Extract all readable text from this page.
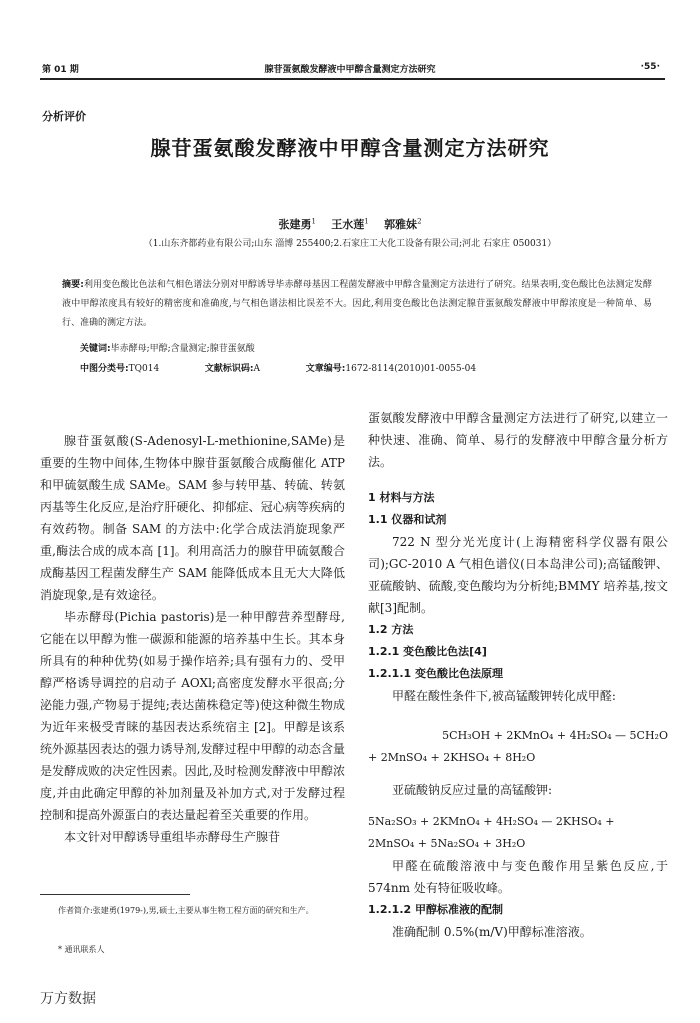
第 01 期	腺苷蛋氨酸发酵液中甲醇含量测定方法研究	·55·
分析评价
腺苷蛋氨酸发酵液中甲醇含量测定方法研究
张建勇$^1$ 王水莲$^1$ 郭雅妹$^2$
（1.山东齐都药业有限公司;山东 淄博 255400;2.石家庄工大化工设备有限公司;河北 石家庄 050031）
摘要:利用变色酸比色法和气相色谱法分别对甲醇诱导毕赤酵母基因工程菌发酵液中甲醇含量测定方法进行了研究。结果表明,变色酸比色法测定发酵液中甲醇浓度具有较好的精密度和准确度,与气相色谱法相比误差不大。因此,利用变色酸比色法测定腺苷蛋氨酸发酵液中甲醇浓度是一种简单、易行、准确的测定方法。
关键词:毕赤酵母;甲醇;含量测定;腺苷蛋氨酸
中图分类号:TQ014	文献标识码:A	文章编号:1672-8114(2010)01-0055-04

腺苷蛋氨酸(S-Adenosyl-L-methionine,SAMe)是重要的生物中间体,生物体中腺苷蛋氨酸合成酶催化 ATP 和甲硫氨酸生成 SAMe。SAM 参与转甲基、转硫、转氨丙基等生化反应,是治疗肝硬化、抑郁症、冠心病等疾病的有效药物。制备 SAM 的方法中:化学合成法消旋现象严重,酶法合成的成本高 [1]。利用高活力的腺苷甲硫氨酸合成酶基因工程菌发酵生产 SAM 能降低成本且无大大降低消旋现象,是有效途径。

毕赤酵母(Pichia pastoris)是一种甲醇营养型酵母,它能在以甲醇为惟一碳源和能源的培养基中生长。其本身所具有的种种优势(如易于操作培养;具有强有力的、受甲醇严格诱导调控的启动子 AOXl;高密度发酵水平很高;分泌能力强,产物易于提纯;表达菌株稳定等)使这种微生物成为近年来极受青睐的基因表达系统宿主 [2]。甲醇是该系统外源基因表达的强力诱导剂,发酵过程中甲醇的动态含量是发酵成败的决定性因素。因此,及时检测发酵液中甲醇浓度,并由此确定甲醇的补加剂量及补加方式,对于发酵过程控制和提高外源蛋白的表达量起着至关重要的作用。

本文针对甲醇诱导重组毕赤酵母生产腺苷

作者简介:张建勇(1979-),男,硕士,主要从事生物工程方面的研究和生产。
* 通讯联系人

蛋氨酸发酵液中甲醇含量测定方法进行了研究,以建立一种快速、准确、简单、易行的发酵液中甲醇含量分析方法。

1 材料与方法

1.1 仪器和试剂

722 N 型分光光度计(上海精密科学仪器有限公司);GC-2010 A 气相色谱仪(日本岛津公司);高锰酸钾、亚硫酸钠、硫酸,变色酸均为分析纯;BMMY 培养基,按文献[3]配制。

1.2 方法

1.2.1 变色酸比色法[4]

1.2.1.1 变色酸比色法原理

甲醛在酸性条件下,被高锰酸钾转化成甲醛:

5CH₃OH + 2KMnO₄ + 4H₂SO₄ — 5CH₂O

+ 2MnSO₄ + 2KHSO₄ + 8H₂O

亚硫酸钠反应过量的高锰酸钾:

5Na₂SO₃ + 2KMnO₄ + 4H₂SO₄ — 2KHSO₄ +

2MnSO₄ + 5Na₂SO₄ + 3H₂O

甲醛在硫酸溶液中与变色酸作用呈紫色反应,于 574nm 处有特征吸收峰。

1.2.1.2 甲醇标准液的配制

准确配制 0.5%(m/V)甲醇标准溶液。

万方数据
